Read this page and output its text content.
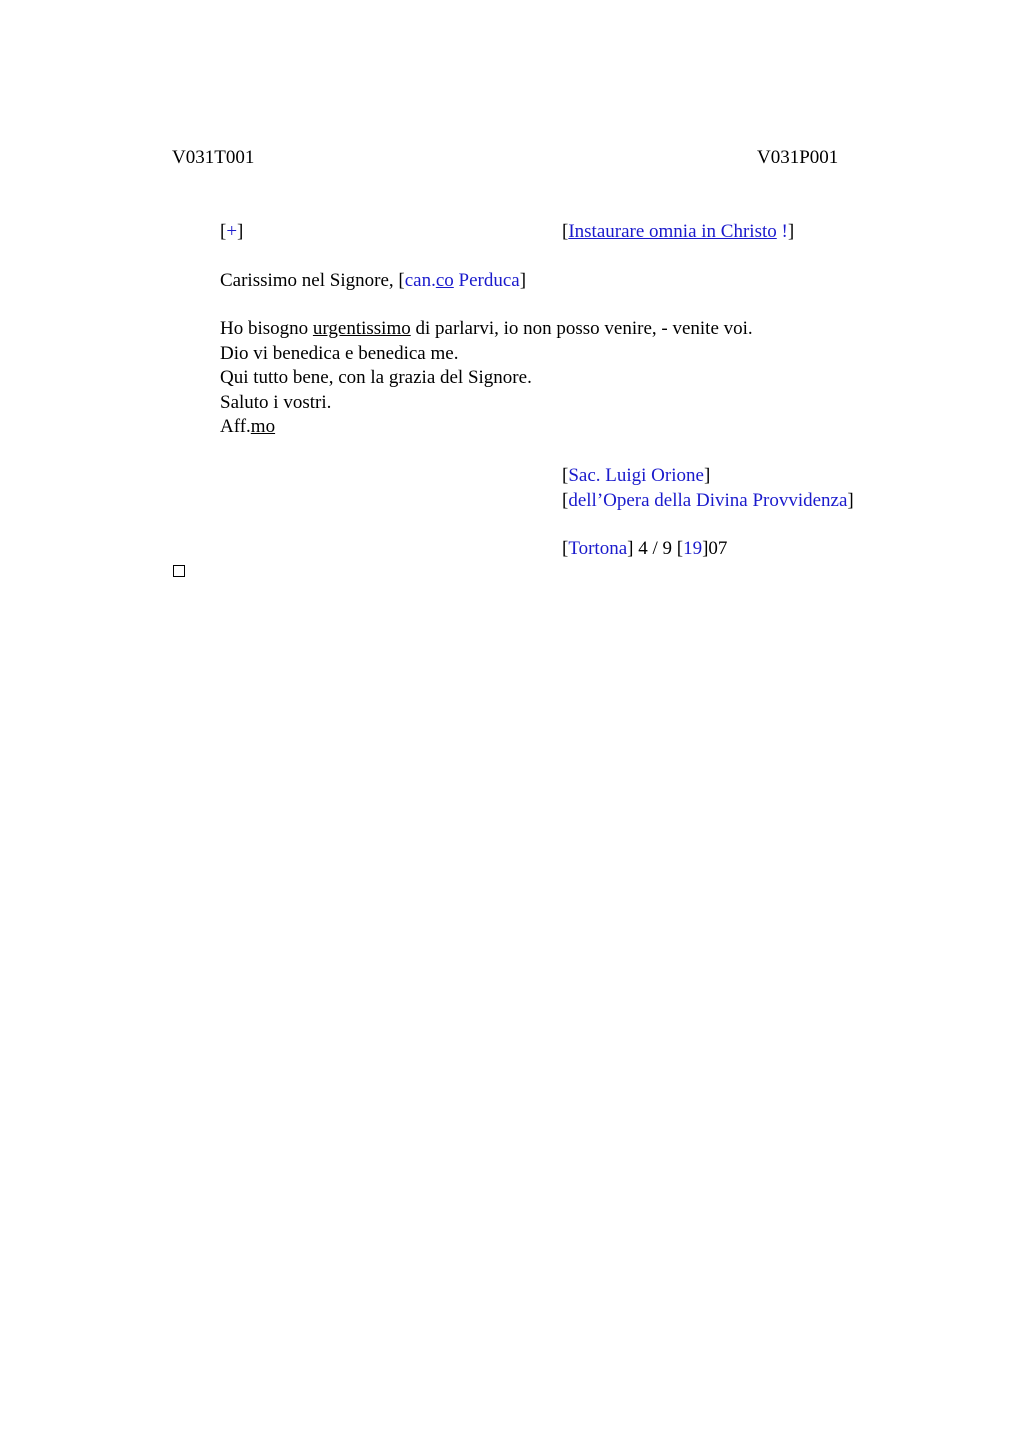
V031T001	V031P001
[+]	[Instaurare omnia in Christo !]
Carissimo nel Signore, [can.co Perduca]
Ho bisogno urgentissimo di parlarvi, io non posso venire, - venite voi.
Dio vi benedica e benedica me.
Qui tutto bene, con la grazia del Signore.
Saluto i vostri.
Aff.mo
[Sac. Luigi Orione]
[dell’Opera della Divina Provvidenza]
[Tortona] 4 / 9 [19]07
